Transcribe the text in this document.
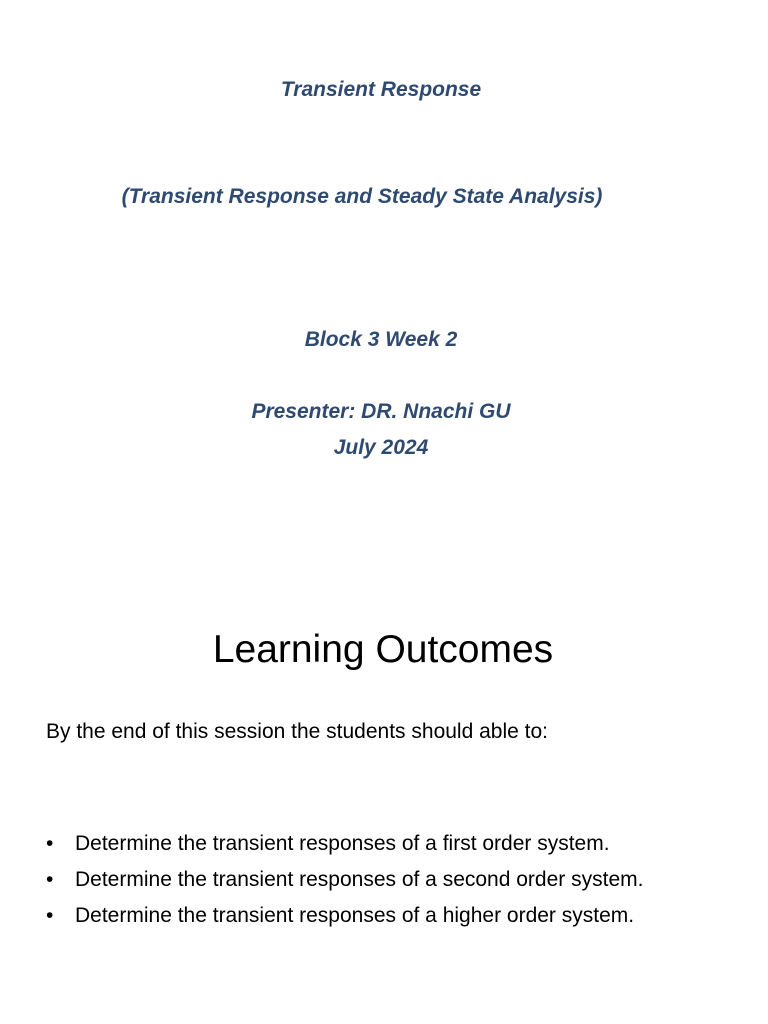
Transient Response
(Transient Response and Steady State Analysis)
Block 3 Week 2
Presenter: DR. Nnachi GU
July 2024
Learning Outcomes
By the end of this session the students should able to:
• Determine the transient responses of a first order system.
• Determine the transient responses of a second order system.
• Determine the transient responses of a higher order system.
